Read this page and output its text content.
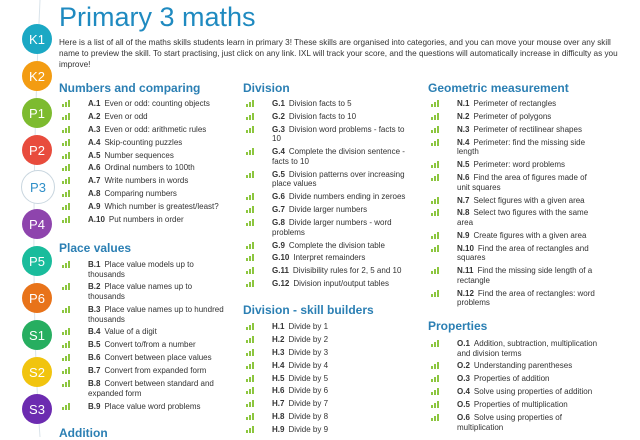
K1
K2
P1
P2
P3
P4
P5
P6
S1
S2
S3
Primary 3 maths

Here is a list of all of the maths skills students learn in primary 3! These skills are organised into categories, and you can move your mouse over any skill name to preview the skill. To start practising, just click on any link. IXL will track your score, and the questions will automatically increase in difficulty as you improve!

Numbers and comparing
A.1 Even or odd: counting objects
A.2 Even or odd
A.3 Even or odd: arithmetic rules
A.4 Skip-counting puzzles
A.5 Number sequences
A.6 Ordinal numbers to 100th
A.7 Write numbers in words
A.8 Comparing numbers
A.9 Which number is greatest/least?
A.10 Put numbers in order
Place values
B.1 Place value models up to thousands
B.2 Place value names up to thousands
B.3 Place value names up to hundred thousands
B.4 Value of a digit
B.5 Convert to/from a number
B.6 Convert between place values
B.7 Convert from expanded form
B.8 Convert between standard and expanded form
B.9 Place value word problems
Addition
Division
G.1 Division facts to 5
G.2 Division facts to 10
G.3 Division word problems - facts to 10
G.4 Complete the division sentence - facts to 10
G.5 Division patterns over increasing place values
G.6 Divide numbers ending in zeroes
G.7 Divide larger numbers
G.8 Divide larger numbers - word problems
G.9 Complete the division table
G.10 Interpret remainders
G.11 Divisibility rules for 2, 5 and 10
G.12 Division input/output tables
Division - skill builders
H.1 Divide by 1
H.2 Divide by 2
H.3 Divide by 3
H.4 Divide by 4
H.5 Divide by 5
H.6 Divide by 6
H.7 Divide by 7
H.8 Divide by 8
H.9 Divide by 9
Geometric measurement
N.1 Perimeter of rectangles
N.2 Perimeter of polygons
N.3 Perimeter of rectilinear shapes
N.4 Perimeter: find the missing side length
N.5 Perimeter: word problems
N.6 Find the area of figures made of unit squares
N.7 Select figures with a given area
N.8 Select two figures with the same area
N.9 Create figures with a given area
N.10 Find the area of rectangles and squares
N.11 Find the missing side length of a rectangle
N.12 Find the area of rectangles: word problems
Properties
O.1 Addition, subtraction, multiplication and division terms
O.2 Understanding parentheses
O.3 Properties of addition
O.4 Solve using properties of addition
O.5 Properties of multiplication
O.6 Solve using properties of multiplication
